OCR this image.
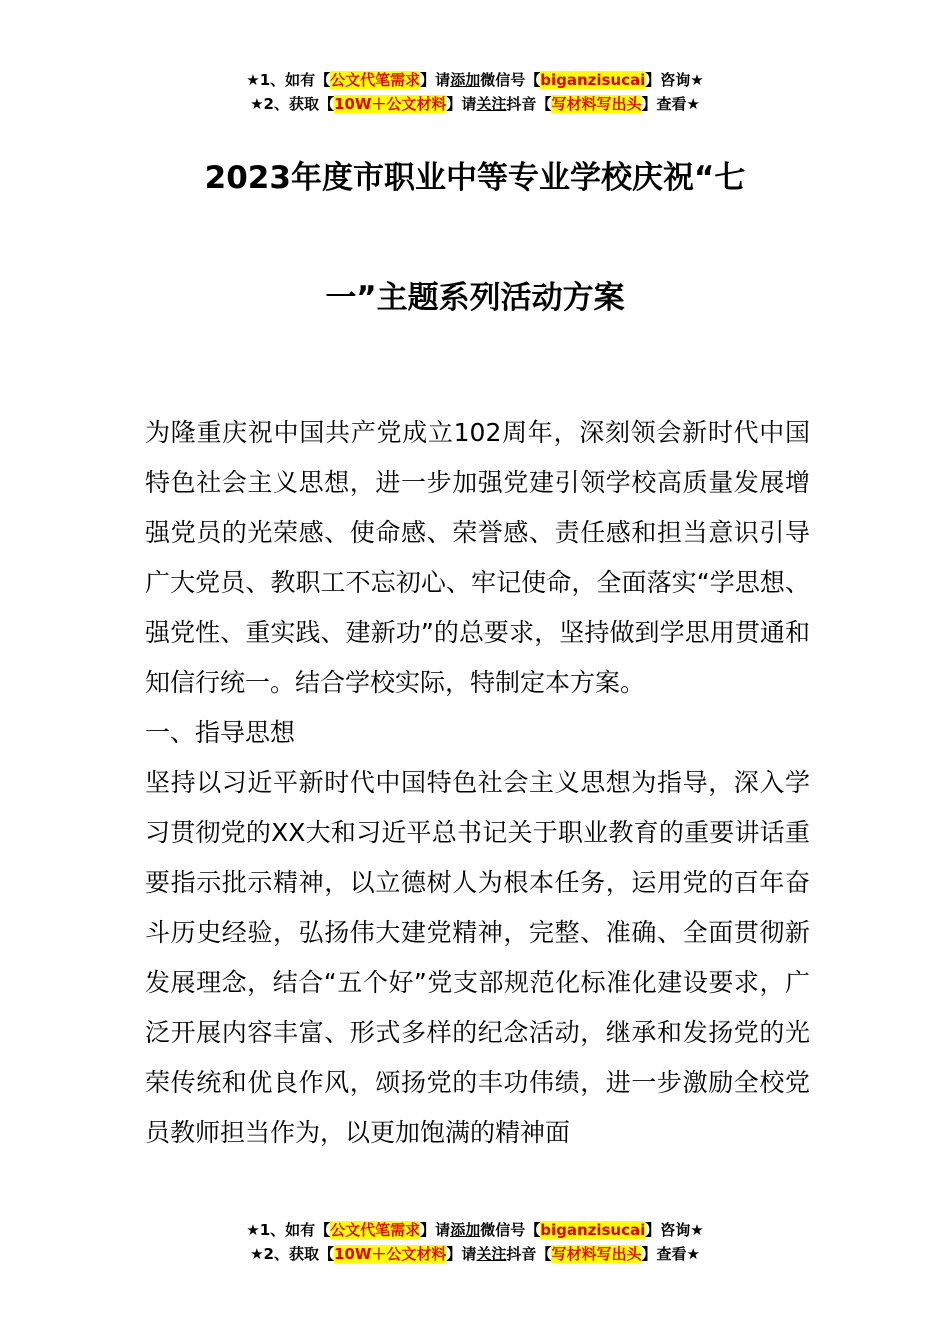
★1、如有【公文代笔需求】请添加微信号【biganzisucai】咨询★
★2、获取【10W＋公文材料】请关注抖音【写材料写出头】查看★
2023年度市职业中等专业学校庆祝“七
一”主题系列活动方案

为隆重庆祝中国共产党成立102周年，深刻领会新时代中国特色社会主义思想，进一步加强党建引领学校高质量发展增强党员的光荣感、使命感、荣誉感、责任感和担当意识引导广大党员、教职工不忘初心、牢记使命，全面落实“学思想、强党性、重实践、建新功”的总要求，坚持做到学思用贯通和知信行统一。结合学校实际，特制定本方案。

一、指导思想

坚持以习近平新时代中国特色社会主义思想为指导，深入学习贯彻党的XX大和习近平总书记关于职业教育的重要讲话重要指示批示精神，以立德树人为根本任务，运用党的百年奋斗历史经验，弘扬伟大建党精神，完整、准确、全面贯彻新发展理念，结合“五个好”党支部规范化标准化建设要求，广泛开展内容丰富、形式多样的纪念活动，继承和发扬党的光荣传统和优良作风，颂扬党的丰功伟绩，进一步激励全校党员教师担当作为，以更加饱满的精神面

★1、如有【公文代笔需求】请添加微信号【biganzisucai】咨询★
★2、获取【10W＋公文材料】请关注抖音【写材料写出头】查看★
